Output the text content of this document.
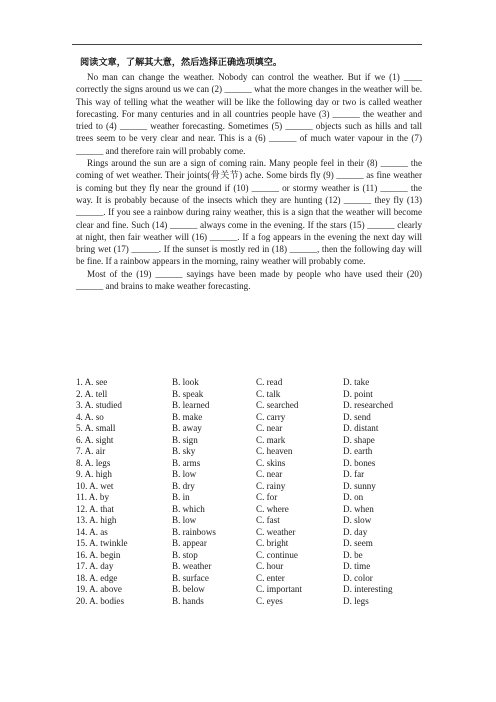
阅读文章，了解其大意，然后选择正确选项填空。

No man can change the weather. Nobody can control the weather. But if we (1) ____ correctly the signs around us we can (2) ______ what the more changes in the weather will be. This way of telling what the weather will be like the following day or two is called weather forecasting. For many centuries and in all countries people have (3) ______ the weather and tried to (4) ______ weather forecasting. Sometimes (5) ______ objects such as hills and tall trees seem to be very clear and near. This is a (6) ______ of much water vapour in the (7) ______ and therefore rain will probably come.

Rings around the sun are a sign of coming rain. Many people feel in their (8) ______ the coming of wet weather. Their joints(骨关节) ache. Some birds fly (9) ______ as fine weather is coming but they fly near the ground if (10) ______ or stormy weather is (11) ______ the way. It is probably because of the insects which they are hunting (12) ______ they fly (13) ______. If you see a rainbow during rainy weather, this is a sign that the weather will become clear and fine. Such (14) ______ always come in the evening. If the stars (15) ______ clearly at night, then fair weather will (16) ______. If a fog appears in the evening the next day will bring wet (17) ______. If the sunset is mostly red in (18) ______, then the following day will be fine. If a rainbow appears in the morning, rainy weather will probably come.

Most of the (19) ______ sayings have been made by people who have used their (20) ______ and brains to make weather forecasting.

1. A. see	B. look	C. read	D. take
2. A. tell	B. speak	C. talk	D. point
3. A. studied	B. learned	C. searched	D. researched
4. A. so	B. make	C. carry	D. send
5. A. small	B. away	C. near	D. distant
6. A. sight	B. sign	C. mark	D. shape
7. A. air	B. sky	C. heaven	D. earth
8. A. legs	B. arms	C. skins	D. bones
9. A. high	B. low	C. near	D. far
10. A. wet	B. dry	C. rainy	D. sunny
11. A. by	B. in	C. for	D. on
12. A. that	B. which	C. where	D. when
13. A. high	B. low	C. fast	D. slow
14. A. as	B. rainbows	C. weather	D. day
15. A. twinkle	B. appear	C. bright	D. seem
16. A. begin	B. stop	C. continue	D. be
17. A. day	B. weather	C. hour	D. time
18. A. edge	B. surface	C. enter	D. color
19. A. above	B. below	C. important	D. interesting
20. A. bodies	B. hands	C. eyes	D. legs
